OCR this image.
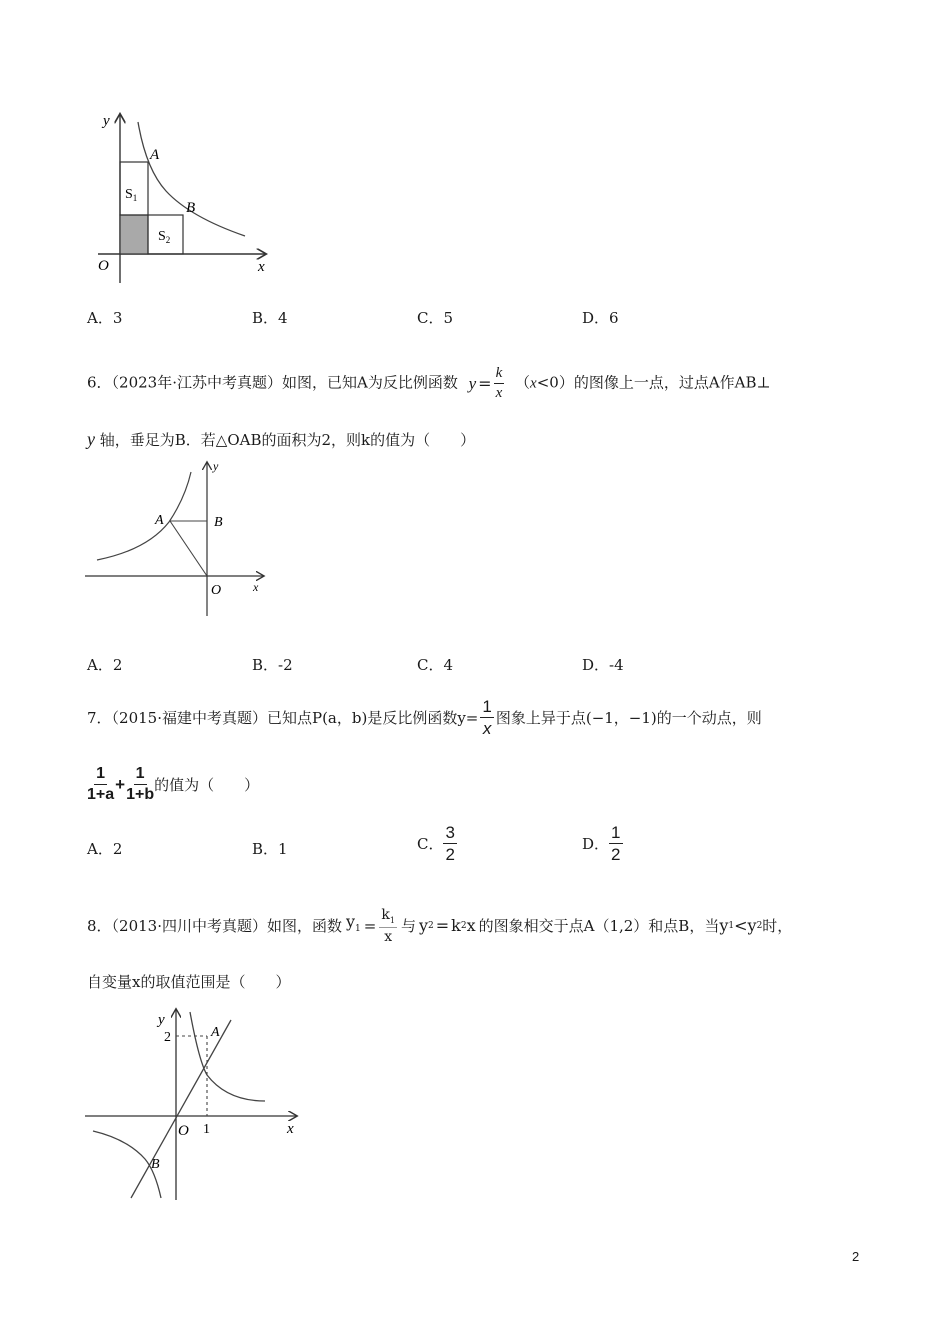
y
x
O
A
B
$S_1$
$S_2$
A．3	B．4	C．5	D．6
6．（2023年·江苏中考真题）如图，已知A为反比例函数 $y = \frac{k}{x} (x<0)$的图像上一点，过点A作AB⊥
y 轴，垂足为B．若△OAB的面积为2，则k的值为（　　）
A	B
O	x
y
A．2	B．-2	C．4	D．-4
7．（2015·福建中考真题）已知点P(a，b)是反比例函数$y= \frac{1}{x}$ 图象上异于点(−1，−1)的一个动点，则
$\frac{1}{1+a} + \frac{1}{1+b}$ 的值为（　　）
A．2	B．1	C． $\frac{3}{2}$	D． $\frac{1}{2}$
8．（2013·四川中考真题）如图，函数 $y_1 = \frac{k_1}{x}$ 与 y 2 = k 2 x 的图象相交于点A（1,2）和点B，当 y 1 < y 2 时，
自变量x的取值范围是（　　）
y
x
O
A
B
2
1
2
